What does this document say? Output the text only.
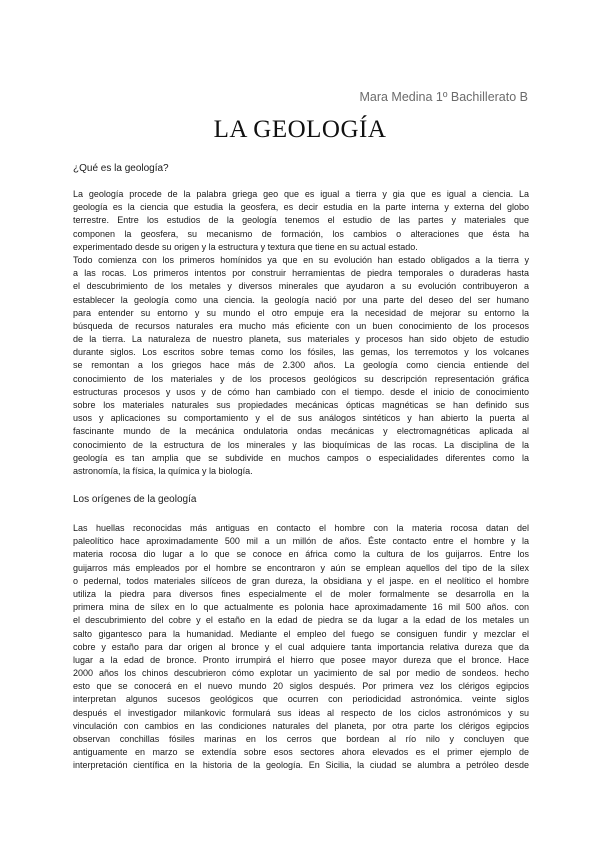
Mara Medina 1º Bachillerato B
LA GEOLOGÍA
¿Qué es la geología?
La geología procede de la palabra griega geo que es igual a tierra y gia que es igual a ciencia. La
geología es la ciencia que estudia la geosfera, es decir estudia en la parte interna y externa del globo
terrestre. Entre los estudios de la geología tenemos el estudio de las partes y materiales que
componen la geosfera, su mecanismo de formación, los cambios o alteraciones que ésta ha
experimentado desde su origen y la estructura y textura que tiene en su actual estado.
Todo comienza con los primeros homínidos ya que en su evolución han estado obligados a la tierra y
a las rocas. Los primeros intentos por construir herramientas de piedra temporales o duraderas hasta
el descubrimiento de los metales y diversos minerales que ayudaron a su evolución contribuyeron a
establecer la geología como una ciencia. la geología nació por una parte del deseo del ser humano
para entender su entorno y su mundo el otro empuje era la necesidad de mejorar su entorno la
búsqueda de recursos naturales era mucho más eficiente con un buen conocimiento de los procesos
de la tierra. La naturaleza de nuestro planeta, sus materiales y procesos han sido objeto de estudio
durante siglos. Los escritos sobre temas como los fósiles, las gemas, los terremotos y los volcanes
se remontan a los griegos hace más de 2.300 años. La geología como ciencia entiende del
conocimiento de los materiales y de los procesos geológicos su descripción representación gráfica
estructuras procesos y usos y de cómo han cambiado con el tiempo. desde el inicio de conocimiento
sobre los materiales naturales sus propiedades mecánicas ópticas magnéticas se han definido sus
usos y aplicaciones su comportamiento y el de sus análogos sintéticos y han abierto la puerta al
fascinante mundo de la mecánica ondulatoria ondas mecánicas y electromagnéticas aplicada al
conocimiento de la estructura de los minerales y las bioquímicas de las rocas. La disciplina de la
geología es tan amplia que se subdivide en muchos campos o especialidades diferentes como la
astronomía, la física, la química y la biología.
Los orígenes de la geología
Las huellas reconocidas más antiguas en contacto el hombre con la materia rocosa datan del
paleolítico hace aproximadamente 500 mil a un millón de años. Éste contacto entre el hombre y la
materia rocosa dio lugar a lo que se conoce en áfrica como la cultura de los guijarros. Entre los
guijarros más empleados por el hombre se encontraron y aún se emplean aquellos del tipo de la sílex
o pedernal, todos materiales silíceos de gran dureza, la obsidiana y el jaspe. en el neolítico el hombre
utiliza la piedra para diversos fines especialmente el de moler formalmente se desarrolla en la
primera mina de sílex en lo que actualmente es polonia hace aproximadamente 16 mil 500 años. con
el descubrimiento del cobre y el estaño en la edad de piedra se da lugar a la edad de los metales un
salto gigantesco para la humanidad. Mediante el empleo del fuego se consiguen fundir y mezclar el
cobre y estaño para dar origen al bronce y el cual adquiere tanta importancia relativa dureza que da
lugar a la edad de bronce. Pronto irrumpirá el hierro que posee mayor dureza que el bronce. Hace
2000 años los chinos descubrieron cómo explotar un yacimiento de sal por medio de sondeos. hecho
esto que se conocerá en el nuevo mundo 20 siglos después. Por primera vez los clérigos egipcios
interpretan algunos sucesos geológicos que ocurren con periodicidad astronómica. veinte siglos
después el investigador milankovic formulará sus ideas al respecto de los ciclos astronómicos y su
vinculación con cambios en las condiciones naturales del planeta, por otra parte los clérigos egipcios
observan conchillas fósiles marinas en los cerros que bordean al río nilo y concluyen que
antiguamente en marzo se extendía sobre esos sectores ahora elevados es el primer ejemplo de
interpretación científica en la historia de la geología. En Sicilia, la ciudad se alumbra a petróleo desde
